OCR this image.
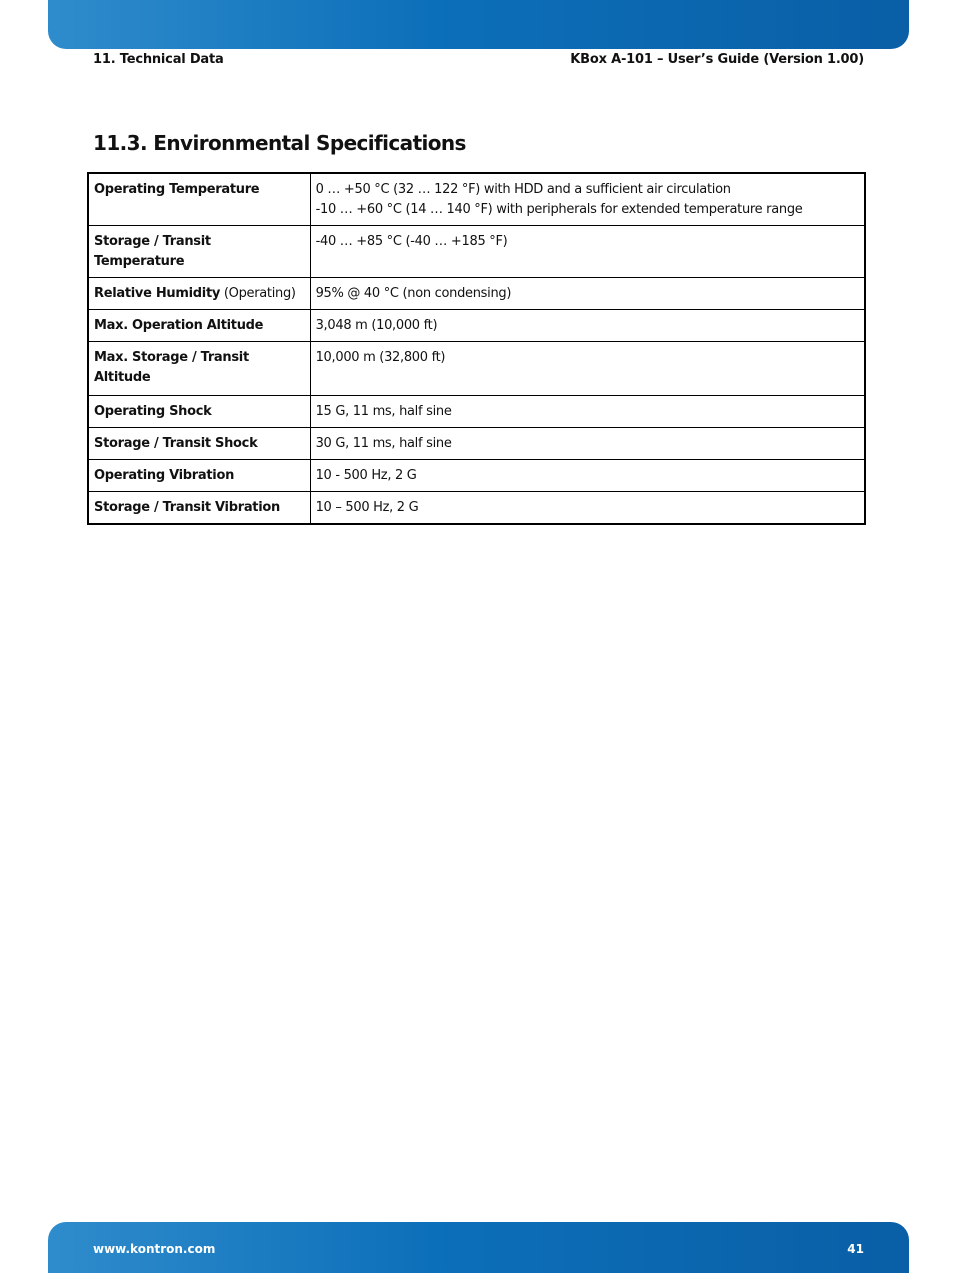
11. Technical Data	KBox A-101 – User’s Guide (Version 1.00)
11.3. Environmental Specifications
Operating Temperature	0 … +50 °C (32 … 122 °F) with HDD and a sufficient air circulation
-10 … +60 °C (14 … 140 °F) with peripherals for extended temperature range

Storage / Transit Temperature	-40 … +85 °C (-40 … +185 °F)

Relative Humidity (Operating)	95% @ 40 °C (non condensing)

Max. Operation Altitude	3,048 m (10,000 ft)

Max. Storage / Transit Altitude	10,000 m (32,800 ft)

Operating Shock	15 G, 11 ms, half sine

Storage / Transit Shock	30 G, 11 ms, half sine

Operating Vibration	10 - 500 Hz, 2 G

Storage / Transit Vibration	10 – 500 Hz, 2 G
www.kontron.com	41
